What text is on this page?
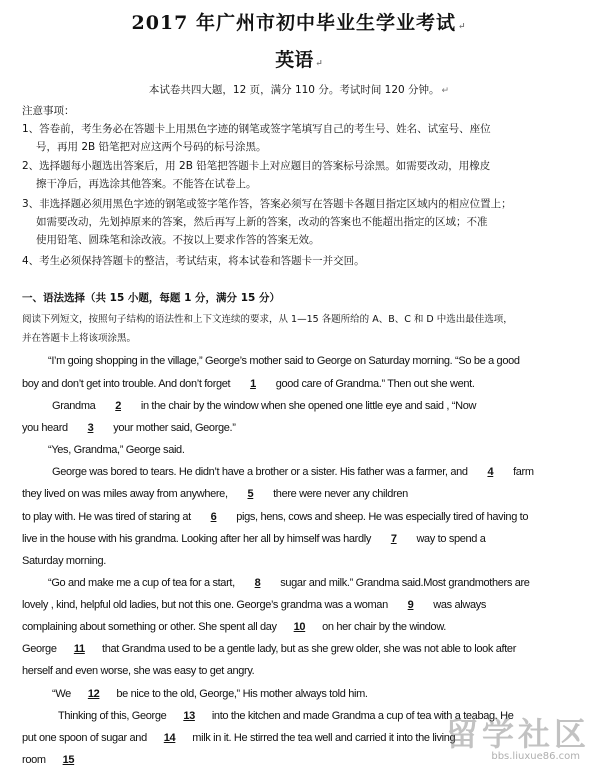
2017 年广州市初中毕业生学业考试 ↵
英语 ↵
本试卷共四大题，12 页，满分 110 分。考试时间 120 分钟。 ↵
注意事项：
1、答卷前，考生务必在答题卡上用黑色字迹的钢笔或签字笔填写自己的考生号、姓名、试室号、座位
号，再用 2B 铅笔把对应这两个号码的标号涂黑。
2、选择题每小题选出答案后，用 2B 铅笔把答题卡上对应题目的答案标号涂黑。如需要改动，用橡皮
擦干净后，再选涂其他答案。不能答在试卷上。
3、非选择题必须用黑色字迹的钢笔或签字笔作答，答案必须写在答题卡各题目指定区域内的相应位置上；
如需要改动，先划掉原来的答案，然后再写上新的答案，改动的答案也不能超出指定的区域；不准
使用铅笔、圆珠笔和涂改液。不按以上要求作答的答案无效。
4、考生必须保持答题卡的整洁，考试结束，将本试卷和答题卡一并交回。
一、语法选择（共 15 小题，每题 1 分，满分 15 分）
阅读下列短文，按照句子结构的语法性和上下文连续的要求，从 1—15 各题所给的 A、B、C 和 D 中选出最佳选项，
并在答题卡上将该项涂黑。
“I’m going shopping in the village,” George’s mother said to George on Saturday morning. “So be a good
boy and don’t get into trouble. And don’t forget 1 good care of Grandma.” Then out she went.
Grandma 2 in the chair by the window when she opened one little eye and said , “Now
you heard 3 your mother said, George.”
“Yes, Grandma,” George said.
George was bored to tears. He didn’t have a brother or a sister. His father was a farmer, and 4 farm
they lived on was miles away from anywhere, 5 there were never any children
to play with. He was tired of staring at 6 pigs, hens, cows and sheep. He was especially tired of having to
live in the house with his grandma. Looking after her all by himself was hardly 7 way to spend a
Saturday morning.
“Go and make me a cup of tea for a start, 8 sugar and milk.” Grandma said.Most grandmothers are
lovely , kind, helpful old ladies, but not this one. George’s grandma was a woman 9 was always
complaining about something or other. She spent all day 10 on her chair by the window.
George 11 that Grandma used to be a gentle lady, but as she grew older, she was not able to look after
herself and even worse, she was easy to get angry.
“We 12 be nice to the old, George,” His mother always told him.
Thinking of this, George 13 into the kitchen and made Grandma a cup of tea with a teabag. He
put one spoon of sugar and 14 milk in it. He stirred the tea well and carried it into the living
room 15
留学社区
bbs.liuxue86.com
